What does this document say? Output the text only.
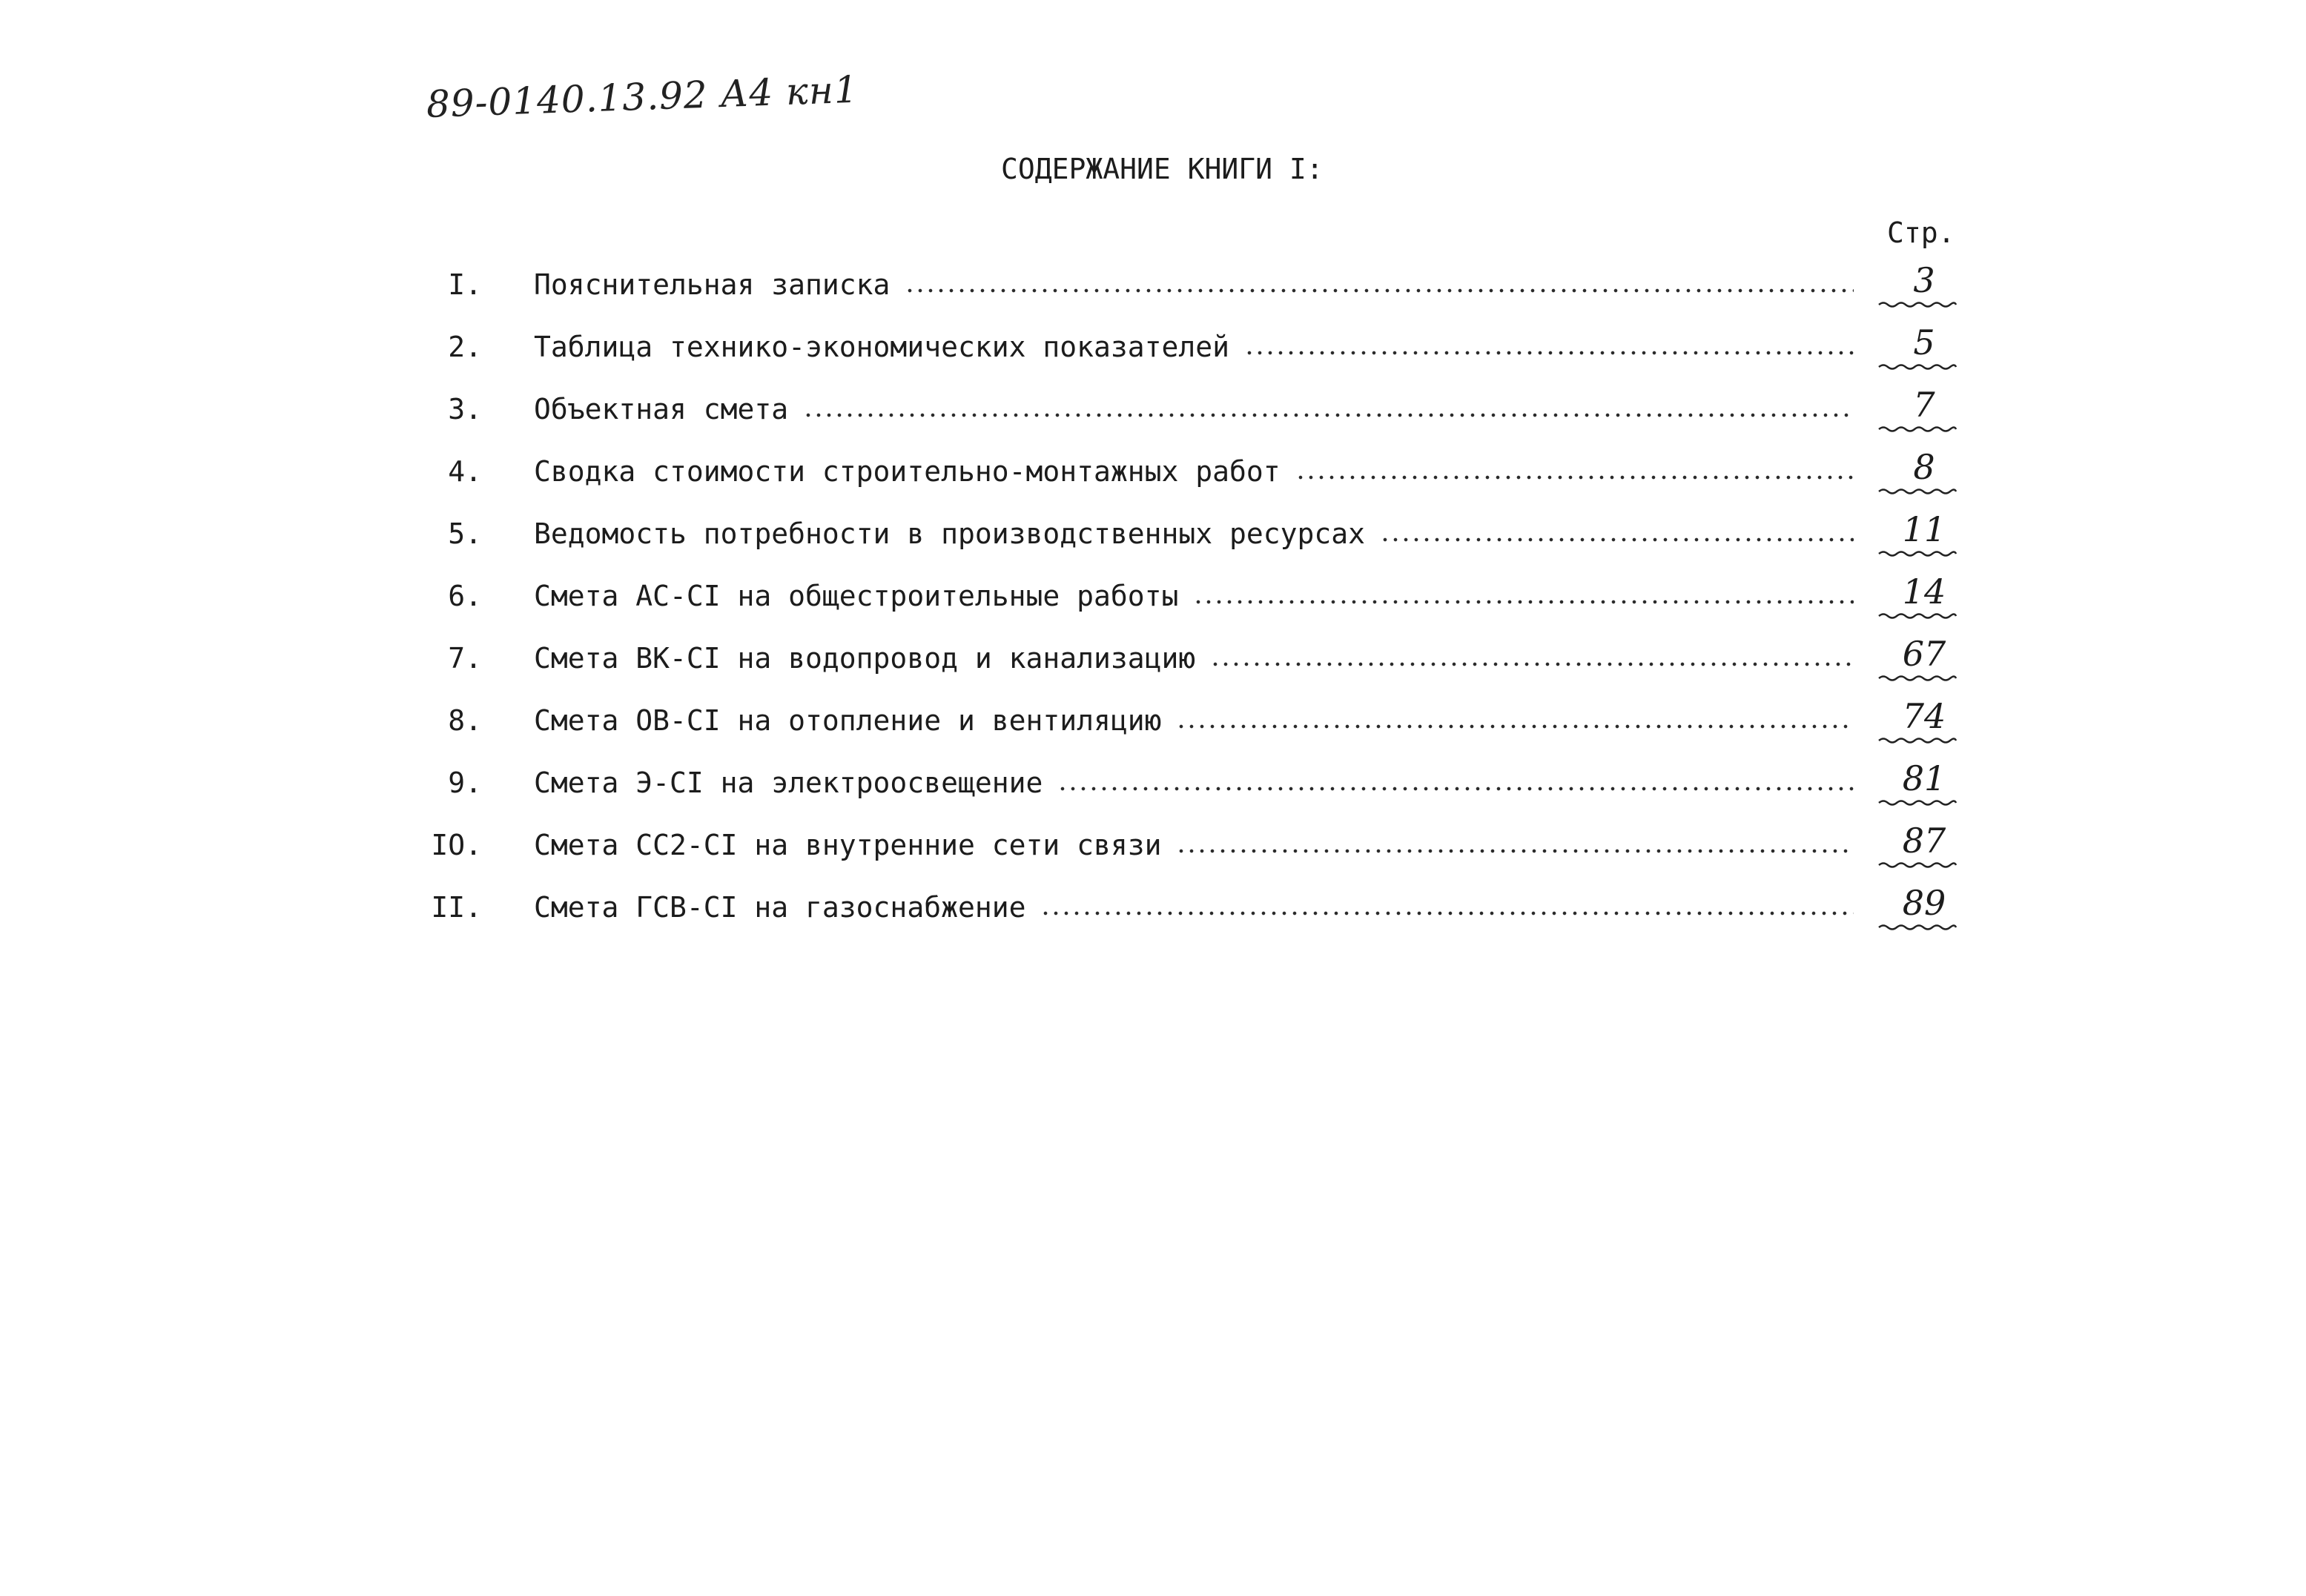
89-0140.13.92 А4 кн1
СОДЕРЖАНИЕ КНИГИ I:
Стр.
I. Пояснительная записка	3
2. Таблица технико-экономических показателей	5
3. Объектная смета	7
4. Сводка стоимости строительно-монтажных работ	8
5. Ведомость потребности в производственных ресурсах	11
6. Смета АС-СI на общестроительные работы	14
7. Смета ВК-СI на водопровод и канализацию	67
8. Смета ОВ-СI на отопление и вентиляцию	74
9. Смета Э-СI на электроосвещение	81
IO. Смета СС2-СI на внутренние сети связи	87
II. Смета ГСВ-СI на газоснабжение	89
